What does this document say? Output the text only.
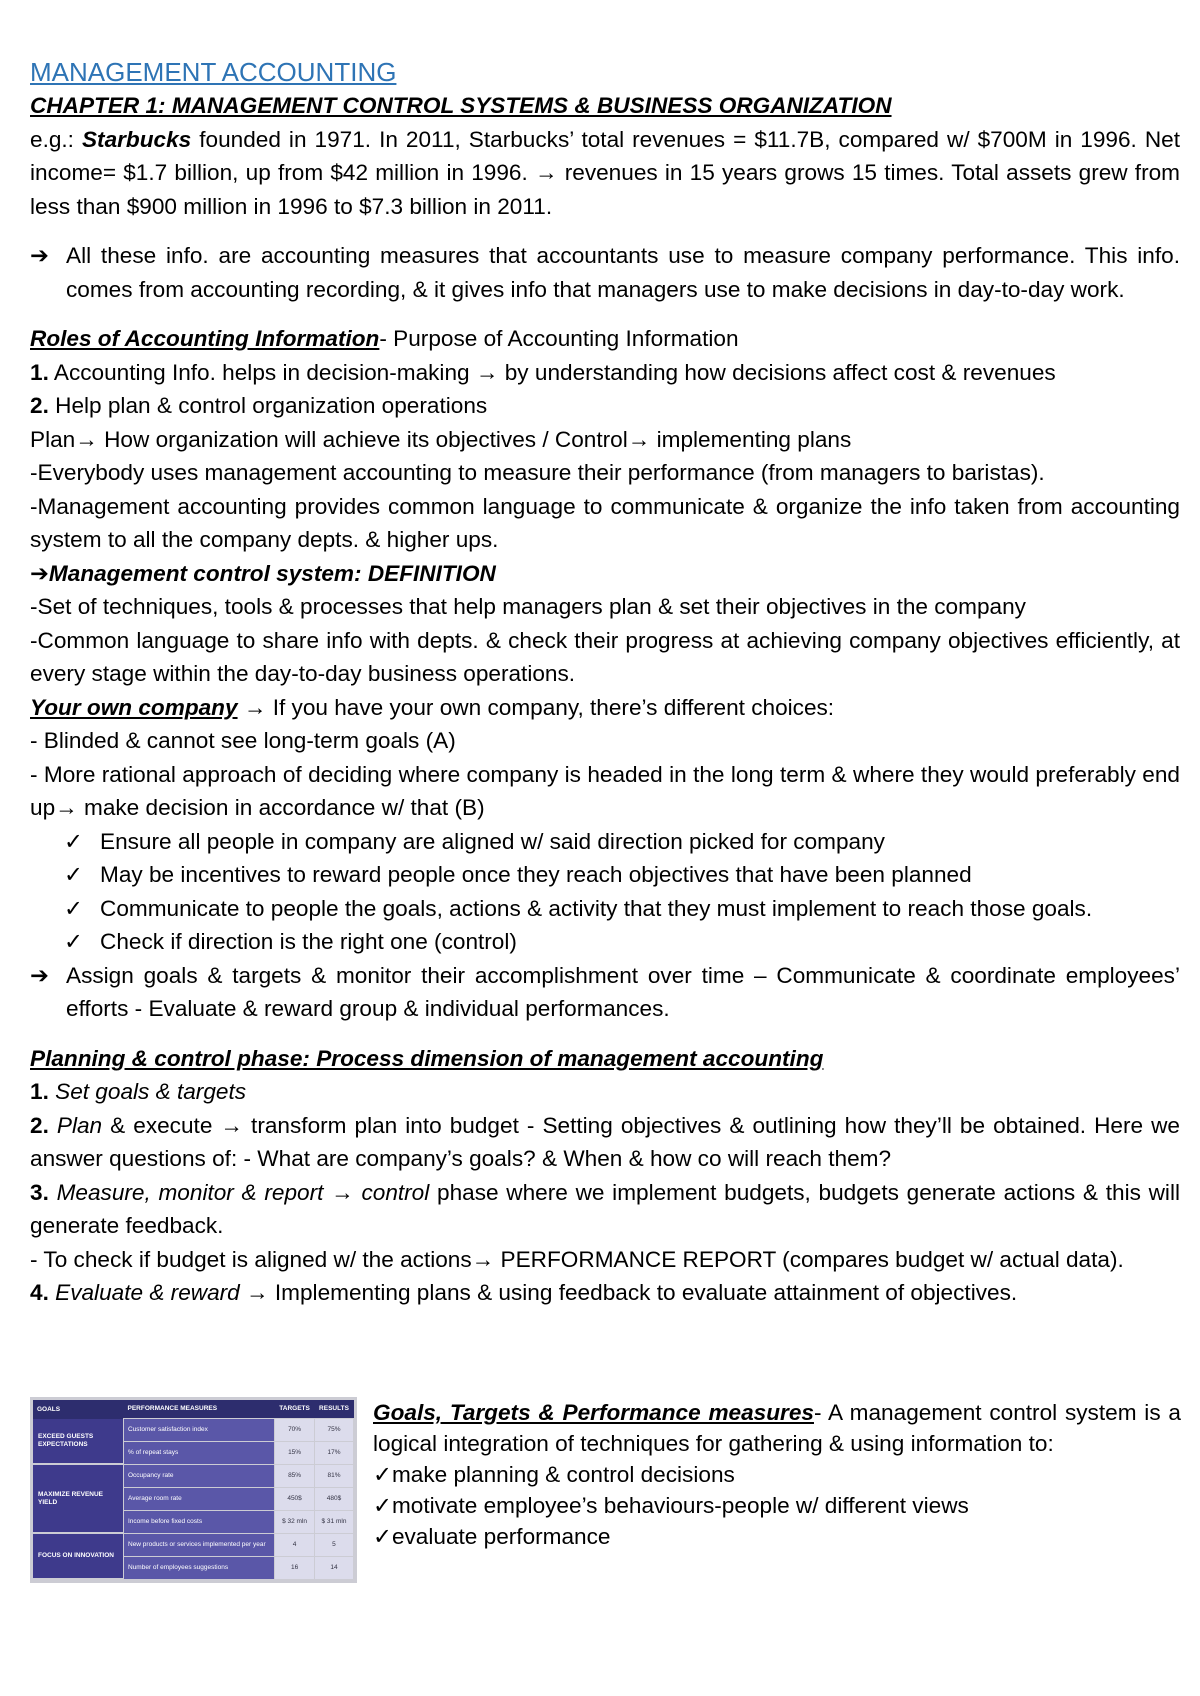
MANAGEMENT ACCOUNTING

CHAPTER 1: MANAGEMENT CONTROL SYSTEMS & BUSINESS ORGANIZATION

e.g.: Starbucks founded in 1971. In 2011, Starbucks’ total revenues = $11.7B, compared w/ $700M in 1996. Net income= $1.7 billion, up from $42 million in 1996. → revenues in 15 years grows 15 times. Total assets grew from less than $900 million in 1996 to $7.3 billion in 2011.

➔ All these info. are accounting measures that accountants use to measure company performance. This info. comes from accounting recording, & it gives info that managers use to make decisions in day-to-day work.

Roles of Accounting Information- Purpose of Accounting Information

1. Accounting Info. helps in decision-making → by understanding how decisions affect cost & revenues

2. Help plan & control organization operations

Plan→ How organization will achieve its objectives / Control→ implementing plans

-Everybody uses management accounting to measure their performance (from managers to baristas).

-Management accounting provides common language to communicate & organize the info taken from accounting system to all the company depts. & higher ups.

➔Management control system: DEFINITION

-Set of techniques, tools & processes that help managers plan & set their objectives in the company

-Common language to share info with depts. & check their progress at achieving company objectives efficiently, at every stage within the day-to-day business operations.

Your own company → If you have your own company, there’s different choices:

- Blinded & cannot see long-term goals (A)

- More rational approach of deciding where company is headed in the long term & where they would preferably end up→ make decision in accordance w/ that (B)

✓ Ensure all people in company are aligned w/ said direction picked for company
✓ May be incentives to reward people once they reach objectives that have been planned
✓ Communicate to people the goals, actions & activity that they must implement to reach those goals.
✓ Check if direction is the right one (control)
➔ Assign goals & targets & monitor their accomplishment over time – Communicate & coordinate employees’ efforts - Evaluate & reward group & individual performances.

Planning & control phase: Process dimension of management accounting

1. Set goals & targets

2. Plan & execute → transform plan into budget - Setting objectives & outlining how they’ll be obtained. Here we answer questions of: - What are company’s goals? & When & how co will reach them?

3. Measure, monitor & report → control phase where we implement budgets, budgets generate actions & this will generate feedback.

- To check if budget is aligned w/ the actions→ PERFORMANCE REPORT (compares budget w/ actual data).

4. Evaluate & reward → Implementing plans & using feedback to evaluate attainment of objectives.

GOALS	PERFORMANCE MEASURES	TARGETS	RESULTS
EXCEED GUESTS EXPECTATIONS	Customer satisfaction index	70%	75%
	% of repeat stays	15%	17%
MAXIMIZE REVENUE YIELD	Occupancy rate	85%	81%
	Average room rate	450$	480$
	Income before fixed costs	$ 32 mln	$ 31 mln
FOCUS ON INNOVATION	New products or services implemented per year	4	5
	Number of employees suggestions	16	14

Goals, Targets & Performance measures- A management control system is a logical integration of techniques for gathering & using information to:

✓make planning & control decisions

✓motivate employee’s behaviours-people w/ different views

✓evaluate performance
